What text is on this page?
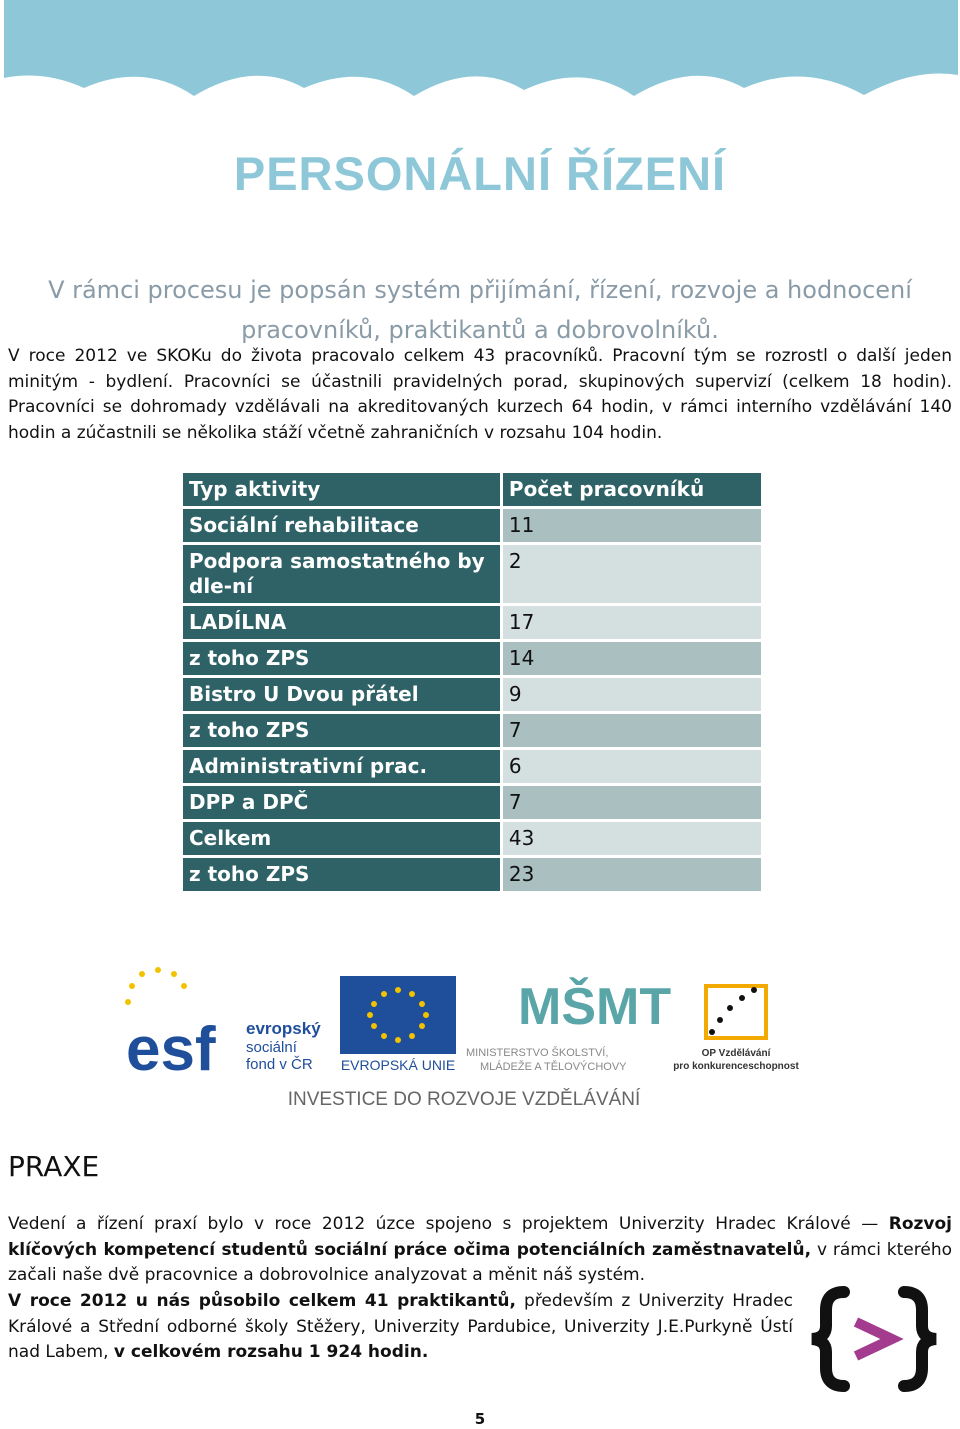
PERSONÁLNÍ ŘÍZENÍ
V rámci procesu je popsán systém přijímání, řízení, rozvoje a hodnocení pracovníků, praktikantů a dobrovolníků.
V roce 2012 ve SKOKu do života pracovalo celkem 43 pracovníků. Pracovní tým se rozrostl o další jeden minitým - bydlení. Pracovníci se účastnili pravidelných porad, skupinových supervizí (celkem 18 hodin). Pracovníci se dohromady vzdělávali na akreditovaných kurzech 64 hodin, v rámci interního vzdělávání 140 hodin a zúčastnili se několika stáží včetně zahraničních v rozsahu 104 hodin.
Typ aktivity	Počet pracovníků
Sociální rehabilitace	11
Podpora samostatného bydle-ní	2
LADÍLNA	17
z toho ZPS	14
Bistro U Dvou přátel	9
z toho ZPS	7
Administrativní prac.	6
DPP a DPČ	7
Celkem	43
z toho ZPS	23
esf evropský
sociální
fond v ČR EVROPSKÁ UNIE
MŠMT
MINISTERSTVO ŠKOLSTVÍ,
MLÁDEŽE A TĚLOVÝCHOVY
OP Vzdělávání
pro konkurenceschopnost
INVESTICE DO ROZVOJE VZDĚLÁVÁNÍ
PRAXE
Vedení a řízení praxí bylo v roce 2012 úzce spojeno s projektem Univerzity Hradec Králové — Rozvoj klíčových kompetencí studentů sociální práce očima potenciálních zaměstnavatelů, v rámci kterého začali naše dvě pracovnice a dobrovolnice analyzovat a měnit náš systém.
V roce 2012 u nás působilo celkem 41 praktikantů, především z Univerzity Hradec Králové a Střední odborné školy Stěžery, Univerzity Pardubice, Univerzity J.E.Purkyně Ústí nad Labem, v celkovém rozsahu 1 924 hodin.
5
